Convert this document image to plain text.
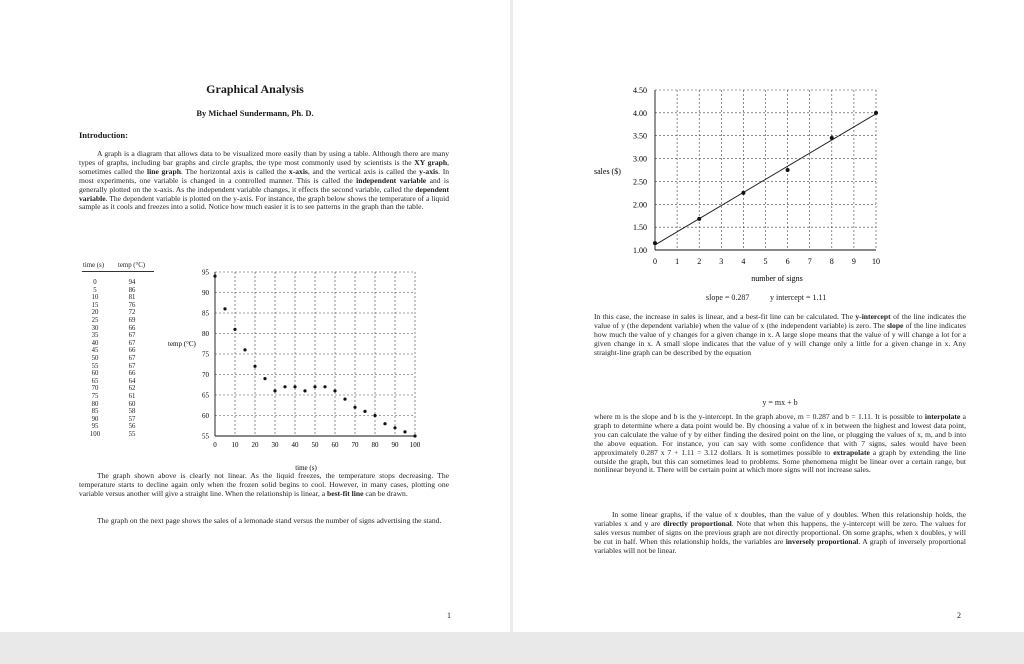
Graphical Analysis
By Michael Sundermann, Ph. D.
Introduction:

A graph is a diagram that allows data to be visualized more easily than by using a table. Although there are many types of graphs, including bar graphs and circle graphs, the type most commonly used by scientists is the XY graph, sometimes called the line graph. The horizontal axis is called the x-axis, and the vertical axis is called the y-axis. In most experiments, one variable is changed in a controlled manner. This is called the independent variable and is generally plotted on the x-axis. As the independent variable changes, it effects the second variable, called the dependent variable. The dependent variable is plotted on the y-axis. For instance, the graph below shows the temperature of a liquid sample as it cools and freezes into a solid. Notice how much easier it is to see patterns in the graph than the table.

time (s) temp (°C)
0
5
10
15
20
25
30
35
40
45
50
55
60
65
70
75
80
85
90
95
100
94
86
81
76
72
69
66
67
67
66
67
67
66
64
62
61
60
58
57
56
55
temp (°C)
time (s)
0 10 20 30 40 50 60 70 80 90 100
55
60
65
70
75
80
85
90
95
The graph shown above is clearly not linear. As the liquid freezes, the temperature stops decreasing. The temperature starts to decline again only when the frozen solid begins to cool. However, in many cases, plotting one variable versus another will give a straight line. When the relationship is linear, a best-fit line can be drawn.
The graph on the next page shows the sales of a lemonade stand versus the number of signs advertising the stand.
1
sales ($)
number of signs
0 1 2 3 4 5 6 7 8 9 10
1.00
1.50
2.00
2.50
3.00
3.50
4.00
4.50
slope = 0.287	y intercept = 1.11

In this case, the increase in sales is linear, and a best-fit line can be calculated. The y-intercept of the line indicates the value of y (the dependent variable) when the value of x (the independent variable) is zero. The slope of the line indicates how much the value of y changes for a given change in x. A large slope means that the value of y will change a lot for a given change in x. A small slope indicates that the value of y will change only a little for a given change in x. Any straight-line graph can be described by the equation

y = mx + b

where m is the slope and b is the y-intercept. In the graph above, m = 0.287 and b = 1.11. It is possible to interpolate a graph to determine where a data point would be. By choosing a value of x in between the highest and lowest data point, you can calculate the value of y by either finding the desired point on the line, or plugging the values of x, m, and b into the above equation. For instance, you can say with some confidence that with 7 signs, sales would have been approximately 0.287 x 7 + 1.11 = 3.12 dollars. It is sometimes possible to extrapolate a graph by extending the line outside the graph, but this can sometimes lead to problems. Some phenomena might be linear over a certain range, but nonlinear beyond it. There will be certain point at which more signs will not increase sales.

In some linear graphs, if the value of x doubles, than the value of y doubles. When this relationship holds, the variables x and y are directly proportional. Note that when this happens, the y-intercept will be zero. The values for sales versus number of signs on the previous graph are not directly proportional. On some graphs, when x doubles, y will be cut in half. When this relationship holds, the variables are inversely proportional. A graph of inversely proportional variables will not be linear.

2
